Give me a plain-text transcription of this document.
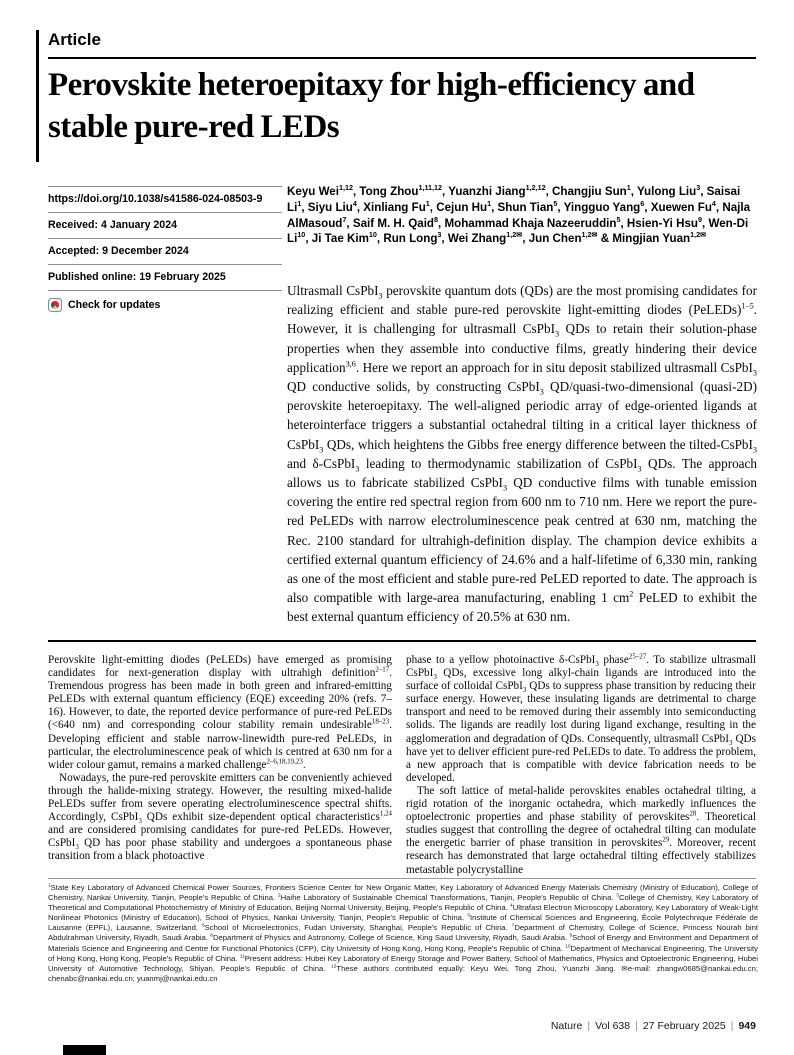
Article
Perovskite heteroepitaxy for high-efficiency and stable pure-red LEDs
https://doi.org/10.1038/s41586-024-08503-9
Received: 4 January 2024
Accepted: 9 December 2024
Published online: 19 February 2025
Check for updates
Keyu Wei$^{1,12}$, Tong Zhou$^{1,11,12}$, Yuanzhi Jiang$^{1,2,12}$, Changjiu Sun$^1$, Yulong Liu$^3$, Saisai Li$^1$, Siyu Liu$^4$, Xinliang Fu$^1$, Cejun Hu$^1$, Shun Tian$^5$, Yingguo Yang$^6$, Xuewen Fu$^4$, Najla AlMasoud$^7$, Saif M. H. Qaid$^8$, Mohammad Khaja Nazeeruddin$^5$, Hsien-Yi Hsu$^9$, Wen-Di Li$^{10}$, Ji Tae Kim$^{10}$, Run Long$^3$, Wei Zhang$^{1,2✉}$, Jun Chen$^{1,2✉}$ & Mingjian Yuan$^{1,2✉}$
Ultrasmall CsPbI$_3$ perovskite quantum dots (QDs) are the most promising candidates for realizing efficient and stable pure-red perovskite light-emitting diodes (PeLEDs)$^{1-5}$. However, it is challenging for ultrasmall CsPbI$_3$ QDs to retain their solution-phase properties when they assemble into conductive films, greatly hindering their device application$^{3,6}$. Here we report an approach for in situ deposit stabilized ultrasmall CsPbI$_3$ QD conductive solids, by constructing CsPbI$_3$ QD/quasi-two-dimensional (quasi-2D) perovskite heteroepitaxy. The well-aligned periodic array of edge-oriented ligands at heterointerface triggers a substantial octahedral tilting in a critical layer thickness of CsPbI$_3$ QDs, which heightens the Gibbs free energy difference between the tilted-CsPbI$_3$ and δ-CsPbI$_3$ leading to thermodynamic stabilization of CsPbI$_3$ QDs. The approach allows us to fabricate stabilized CsPbI$_3$ QD conductive films with tunable emission covering the entire red spectral region from 600 nm to 710 nm. Here we report the pure-red PeLEDs with narrow electroluminescence peak centred at 630 nm, matching the Rec. 2100 standard for ultrahigh-definition display. The champion device exhibits a certified external quantum efficiency of 24.6% and a half-lifetime of 6,330 min, ranking as one of the most efficient and stable pure-red PeLED reported to date. The approach is also compatible with large-area manufacturing, enabling 1 $cm^2$ PeLED to exhibit the best external quantum efficiency of 20.5% at 630 nm.

Perovskite light-emitting diodes (PeLEDs) have emerged as promising candidates for next-generation display with ultrahigh definition$^{2-17}$. Tremendous progress has been made in both green and infrared-emitting PeLEDs with external quantum efficiency (EQE) exceeding 20% (refs. 7–16). However, to date, the reported device performance of pure-red PeLEDs (<640 nm) and corresponding colour stability remain undesirable$^{18-23}$. Developing efficient and stable narrow-linewidth pure-red PeLEDs, in particular, the electroluminescence peak of which is centred at 630 nm for a wider colour gamut, remains a marked challenge$^{2-6,18,19,23}$.

Nowadays, the pure-red perovskite emitters can be conveniently achieved through the halide-mixing strategy. However, the resulting mixed-halide PeLEDs suffer from severe operating electroluminescence spectral shifts. Accordingly, CsPbI$_3$ QDs exhibit size-dependent optical characteristics$^{1,24}$ and are considered promising candidates for pure-red PeLEDs. However, CsPbI$_3$ QD has poor phase stability and undergoes a spontaneous phase transition from a black photoactive

phase to a yellow photoinactive δ-CsPbI$_3$ phase$^{25-27}$. To stabilize ultrasmall CsPbI$_3$ QDs, excessive long alkyl-chain ligands are introduced into the surface of colloidal CsPbI$_3$ QDs to suppress phase transition by reducing their surface energy. However, these insulating ligands are detrimental to charge transport and need to be removed during their assembly into semiconducting solids. The ligands are readily lost during ligand exchange, resulting in the agglomeration and degradation of QDs. Consequently, ultrasmall CsPbI$_3$ QDs have yet to deliver efficient pure-red PeLEDs to date. To address the problem, a new approach that is compatible with device fabrication needs to be developed.

The soft lattice of metal-halide perovskites enables octahedral tilting, a rigid rotation of the inorganic octahedra, which markedly influences the optoelectronic properties and phase stability of perovskites$^{28}$. Theoretical studies suggest that controlling the degree of octahedral tilting can modulate the energetic barrier of phase transition in perovskites$^{29}$. Moreover, recent research has demonstrated that large octahedral tilting effectively stabilizes metastable polycrystalline

$^1$State Key Laboratory of Advanced Chemical Power Sources, Frontiers Science Center for New Organic Matter, Key Laboratory of Advanced Energy Materials Chemistry (Ministry of Education), College of Chemistry, Nankai University, Tianjin, People's Republic of China. $^2$Haihe Laboratory of Sustainable Chemical Transformations, Tianjin, People's Republic of China. $^3$College of Chemistry, Key Laboratory of Theoretical and Computational Photochemistry of Ministry of Education, Beijing Normal University, Beijing, People's Republic of China. $^4$Ultrafast Electron Microscopy Laboratory, Key Laboratory of Weak-Light Nonlinear Photonics (Ministry of Education), School of Physics, Nankai University, Tianjin, People's Republic of China. $^5$Institute of Chemical Sciences and Engineering, École Polytechnique Fédérale de Lausanne (EPFL), Lausanne, Switzerland. $^6$School of Microelectronics, Fudan University, Shanghai, People's Republic of China. $^7$Department of Chemistry, College of Science, Princess Nourah bint Abdulrahman University, Riyadh, Saudi Arabia. $^8$Department of Physics and Astronomy, College of Science, King Saud University, Riyadh, Saudi Arabia. $^9$School of Energy and Environment and Department of Materials Science and Engineering and Centre for Functional Photonics (CFP), City University of Hong Kong, Hong Kong, People's Republic of China. $^{10}$Department of Mechanical Engineering, The University of Hong Kong, Hong Kong, People's Republic of China. $^{11}$Present address: Hubei Key Laboratory of Energy Storage and Power Battery, School of Mathematics, Physics and Optoelectronic Engineering, Hubei University of Automotive Technology, Shiyan, People's Republic of China. $^{12}$These authors contributed equally: Keyu Wei, Tong Zhou, Yuanzhi Jiang. ✉e-mail: zhangw0685@nankai.edu.cn; chenabc@nankai.edu.cn; yuanmj@nankai.edu.cn
Nature | Vol 638 | 27 February 2025 | 949
